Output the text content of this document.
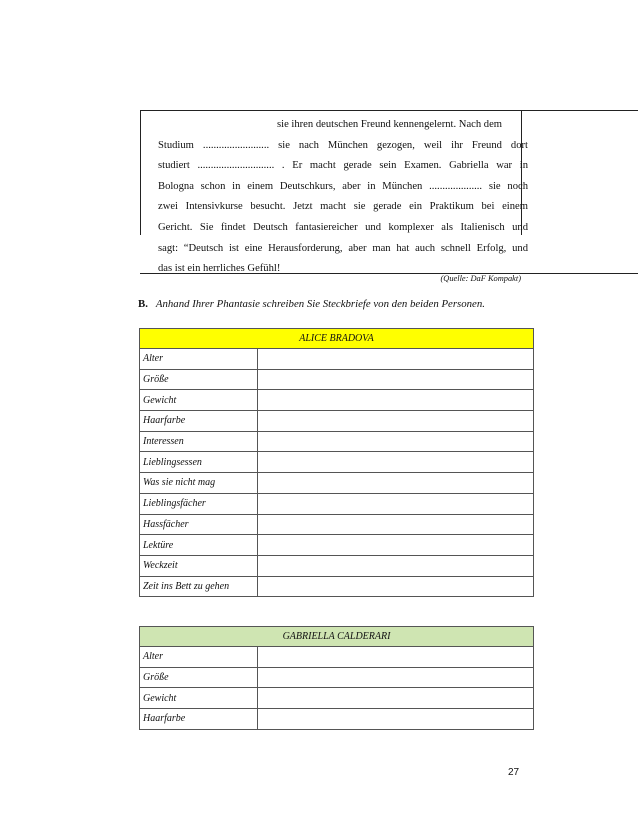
sie ihren deutschen Freund kennengelernt. Nach dem
Studium ......................... sie nach München gezogen, weil ihr Freund dort
studiert ............................. . Er macht gerade sein Examen. Gabriella war in
Bologna schon in einem Deutschkurs, aber in München .................... sie noch
zwei Intensivkurse besucht. Jetzt macht sie gerade ein Praktikum bei einem
Gericht. Sie findet Deutsch fantasiereicher und komplexer als Italienisch und
sagt: “Deutsch ist eine Herausforderung, aber man hat auch schnell Erfolg, und
das ist ein herrliches Gefühl!
(Quelle: DaF Kompakt)
B. Anhand Ihrer Phantasie schreiben Sie Steckbriefe von den beiden Personen.
ALICE BRADOVA	
Alter	
Größe	
Gewicht	
Haarfarbe	
Interessen	
Lieblingsessen	
Was sie nicht mag	
Lieblingsfächer	
Hassfächer	
Lektüre	
Weckzeit	
Zeit ins Bett zu gehen	
GABRIELLA CALDERARI	
Alter	
Größe	
Gewicht	
Haarfarbe	
27
